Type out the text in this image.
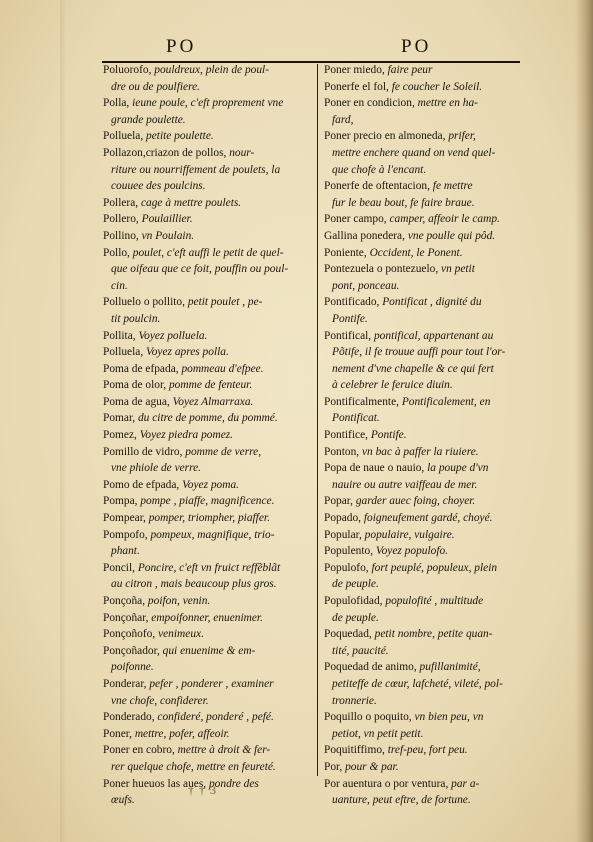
PO	PO
Poluorofo, pouldreux, plein de poul-
dre ou de poulfiere.
Polla, ieune poule, c'eft proprement vne
grande poulette.
Polluela, petite poulette.
Pollazon,criazon de pollos, nour-
riture ou nourriffement de poulets, la
couuee des poulcins.
Pollera, cage à mettre poulets.
Pollero, Poulaillier.
Pollino, vn Poulain.
Pollo, poulet, c'eft auffi le petit de quel-
que oifeau que ce foit, pouffin ou poul-
cin.
Polluelo o pollito, petit poulet , pe-
tit poulcin.
Pollita, Voyez polluela.
Polluela, Voyez apres polla.
Poma de efpada, pommeau d'efpee.
Poma de olor, pomme de fenteur.
Poma de agua, Voyez Almarraxa.
Pomar, du citre de pomme, du pommé.
Pomez, Voyez piedra pomez.
Pomillo de vidro, pomme de verre,
vne phiole de verre.
Pomo de efpada, Voyez poma.
Pompa, pompe , piaffe, magnificence.
Pompear, pomper, triompher, piaffer.
Pompofo, pompeux, magnifique, trio-
phant.
Poncil, Poncire, c'eft vn fruict reffẽblãt
au citron , mais beaucoup plus gros.
Ponçoña, poifon, venin.
Ponçoñar, empoifonner, enuenimer.
Ponçoñofo, venimeux.
Ponçoñador, qui enuenime & em-
poifonne.
Ponderar, pefer , ponderer , examiner
vne chofe, confiderer.
Ponderado, confideré, ponderé , pefé.
Poner, mettre, pofer, affeoir.
Poner en cobro, mettre à droit & fer-
rer quelque chofe, mettre en feureté.
Poner hueuos las aues, pondre des
œufs.
Poner miedo, faire peur
Ponerfe el fol, fe coucher le Soleil.
Poner en condicion, mettre en ha-
fard,
Poner precio en almoneda, prifer,
mettre enchere quand on vend quel-
que chofe à l'encant.
Ponerfe de oftentacion, fe mettre
fur le beau bout, fe faire braue.
Poner campo, camper, affeoir le camp.
Gallina ponedera, vne poulle qui pôd.
Poniente, Occident, le Ponent.
Pontezuela o pontezuelo, vn petit
pont, ponceau.
Pontificado, Pontificat , dignité du
Pontife.
Pontifical, pontifical, appartenant au
Põtife, il fe trouue auffi pour tout l'or-
nement d'vne chapelle & ce qui fert
à celebrer le feruice diuin.
Pontificalmente, Pontificalement, en
Pontificat.
Pontifice, Pontife.
Ponton, vn bac à paffer la riuiere.
Popa de naue o nauio, la poupe d'vn
nauire ou autre vaiffeau de mer.
Popar, garder auec foing, choyer.
Popado, foigneufement gardé, choyé.
Popular, populaire, vulgaire.
Populento, Voyez populofo.
Populofo, fort peuplé, populeux, plein
de peuple.
Populofidad, populofité , multitude
de peuple.
Poquedad, petit nombre, petite quan-
tité, paucité.
Poquedad de animo, pufillanimité,
petiteffe de cœur, lafcheté, vileté, pol-
tronnerie.
Poquillo o poquito, vn bien peu, vn
petiot, vn petit petit.
Poquitiffimo, tref-peu, fort peu.
Por, pour & par.
Por auentura o por ventura, par a-
uanture, peut eftre, de fortune.
† † 3
